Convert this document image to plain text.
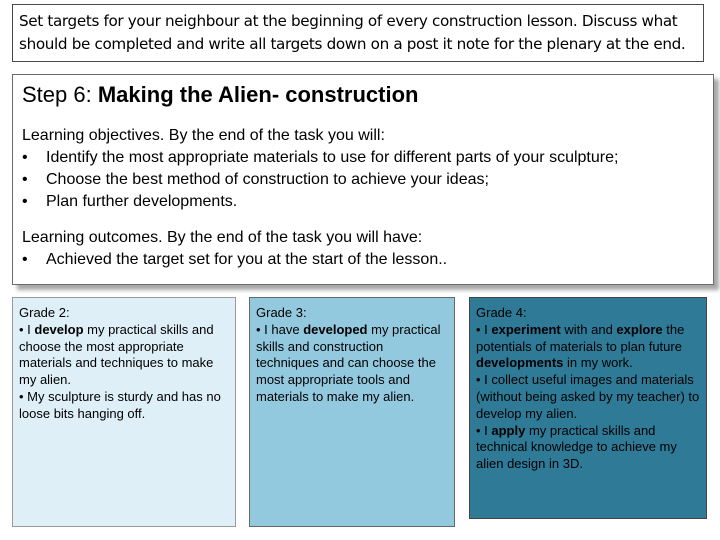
Set targets for your neighbour at the beginning of every construction lesson. Discuss what should be completed and write all targets down on a post it note for the plenary at the end.
Step 6: Making the Alien- construction
Learning objectives. By the end of the task you will:
• Identify the most appropriate materials to use for different parts of your sculpture;
• Choose the best method of construction to achieve your ideas;
• Plan further developments.
Learning outcomes. By the end of the task you will have:
• Achieved the target set for you at the start of the lesson..
Grade 2:

• I develop my practical skills and choose the most appropriate materials and techniques to make my alien.

• My sculpture is sturdy and has no loose bits hanging off.

Grade 3:

• I have developed my practical skills and construction techniques and can choose the most appropriate tools and materials to make my alien.

Grade 4:

• I experiment with and explore the potentials of materials to plan future developments in my work.

• I collect useful images and materials (without being asked by my teacher) to develop my alien.

• I apply my practical skills and technical knowledge to achieve my alien design in 3D.
